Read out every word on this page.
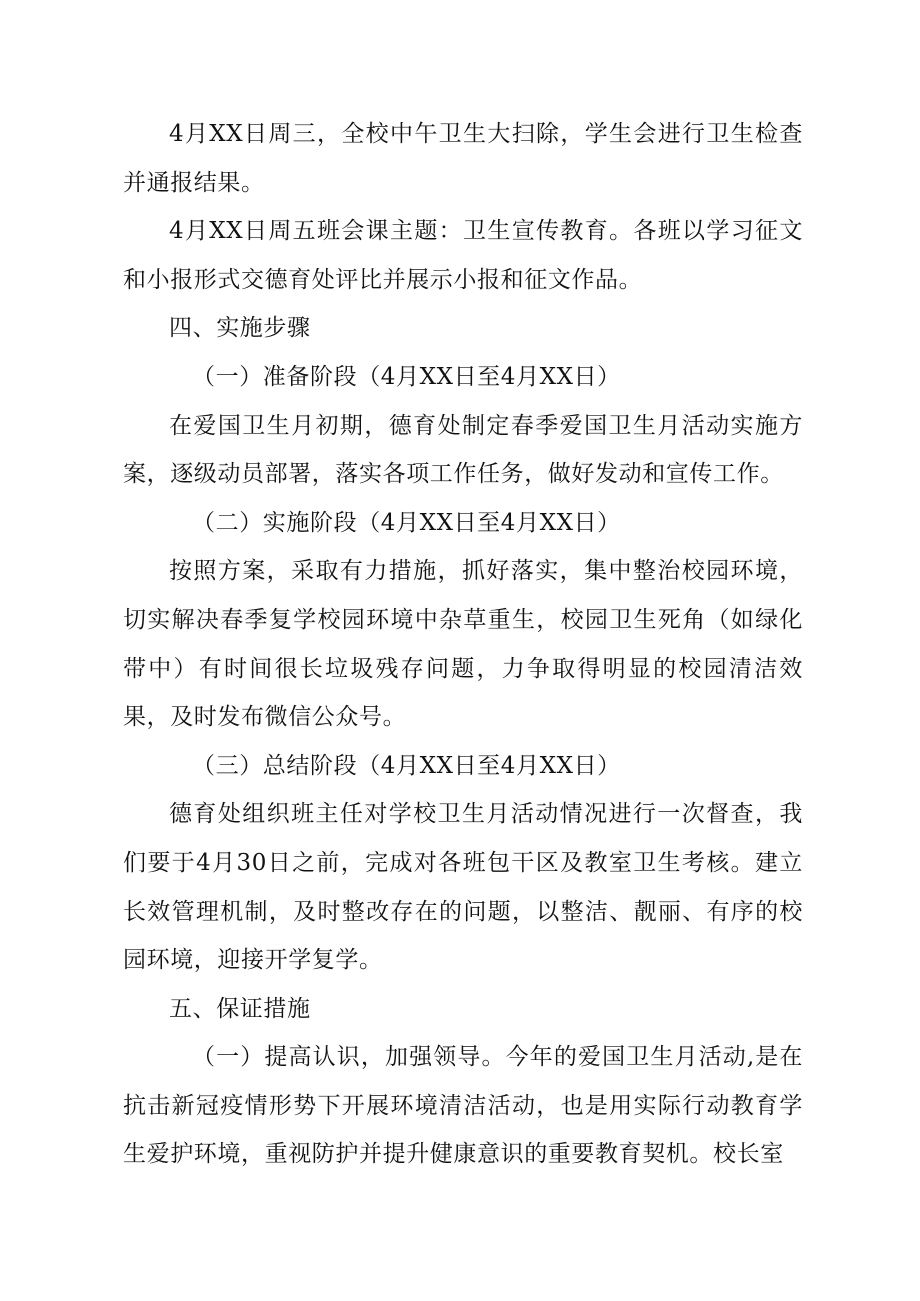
4月XX日周三，全校中午卫生大扫除，学生会进行卫生检查并通报结果。

4月XX日周五班会课主题：卫生宣传教育。各班以学习征文和小报形式交德育处评比并展示小报和征文作品。

四、实施步骤

（一）准备阶段（4月XX日至4月XX日）

在爱国卫生月初期，德育处制定春季爱国卫生月活动实施方案，逐级动员部署，落实各项工作任务，做好发动和宣传工作。

（二）实施阶段（4月XX日至4月XX日）

按照方案，采取有力措施，抓好落实，集中整治校园环境，切实解决春季复学校园环境中杂草重生，校园卫生死角（如绿化带中）有时间很长垃圾残存问题，力争取得明显的校园清洁效果，及时发布微信公众号。

（三）总结阶段（4月XX日至4月XX日）

德育处组织班主任对学校卫生月活动情况进行一次督查，我们要于4月30日之前，完成对各班包干区及教室卫生考核。建立长效管理机制，及时整改存在的问题，以整洁、靓丽、有序的校园环境，迎接开学复学。

五、保证措施

（一）提高认识，加强领导。今年的爱国卫生月活动,是在抗击新冠疫情形势下开展环境清洁活动，也是用实际行动教育学生爱护环境，重视防护并提升健康意识的重要教育契机。校长室
